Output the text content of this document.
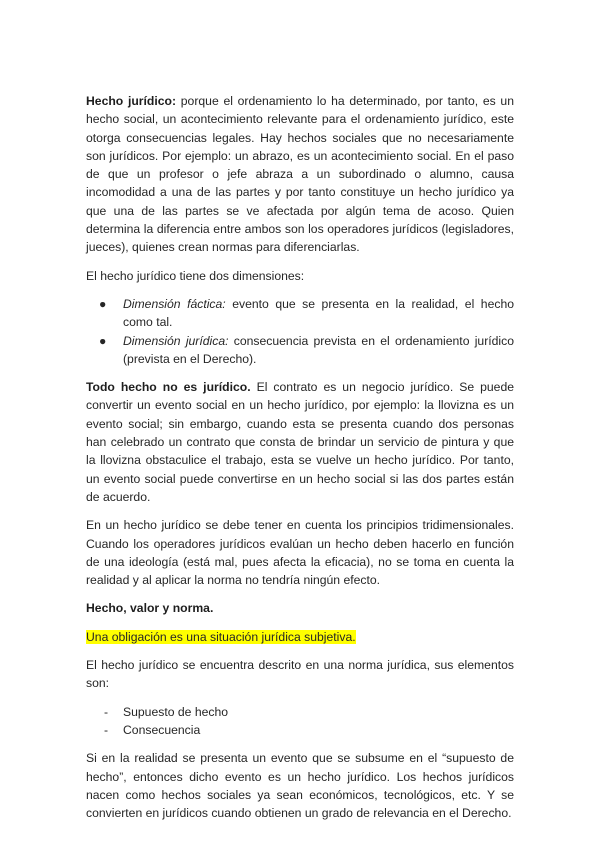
Hecho jurídico: porque el ordenamiento lo ha determinado, por tanto, es un hecho social, un acontecimiento relevante para el ordenamiento jurídico, este otorga consecuencias legales. Hay hechos sociales que no necesariamente son jurídicos. Por ejemplo: un abrazo, es un acontecimiento social. En el paso de que un profesor o jefe abraza a un subordinado o alumno, causa incomodidad a una de las partes y por tanto constituye un hecho jurídico ya que una de las partes se ve afectada por algún tema de acoso. Quien determina la diferencia entre ambos son los operadores jurídicos (legisladores, jueces), quienes crean normas para diferenciarlas.

El hecho jurídico tiene dos dimensiones:

● Dimensión fáctica: evento que se presenta en la realidad, el hecho como tal.
● Dimensión jurídica: consecuencia prevista en el ordenamiento jurídico (prevista en el Derecho).

Todo hecho no es jurídico. El contrato es un negocio jurídico. Se puede convertir un evento social en un hecho jurídico, por ejemplo: la llovizna es un evento social; sin embargo, cuando esta se presenta cuando dos personas han celebrado un contrato que consta de brindar un servicio de pintura y que la llovizna obstaculice el trabajo, esta se vuelve un hecho jurídico. Por tanto, un evento social puede convertirse en un hecho social si las dos partes están de acuerdo.

En un hecho jurídico se debe tener en cuenta los principios tridimensionales. Cuando los operadores jurídicos evalúan un hecho deben hacerlo en función de una ideología (está mal, pues afecta la eficacia), no se toma en cuenta la realidad y al aplicar la norma no tendría ningún efecto.

Hecho, valor y norma.

Una obligación es una situación jurídica subjetiva.

El hecho jurídico se encuentra descrito en una norma jurídica, sus elementos son:

- Supuesto de hecho
- Consecuencia

Si en la realidad se presenta un evento que se subsume en el “supuesto de hecho”, entonces dicho evento es un hecho jurídico. Los hechos jurídicos nacen como hechos sociales ya sean económicos, tecnológicos, etc. Y se convierten en jurídicos cuando obtienen un grado de relevancia en el Derecho.
